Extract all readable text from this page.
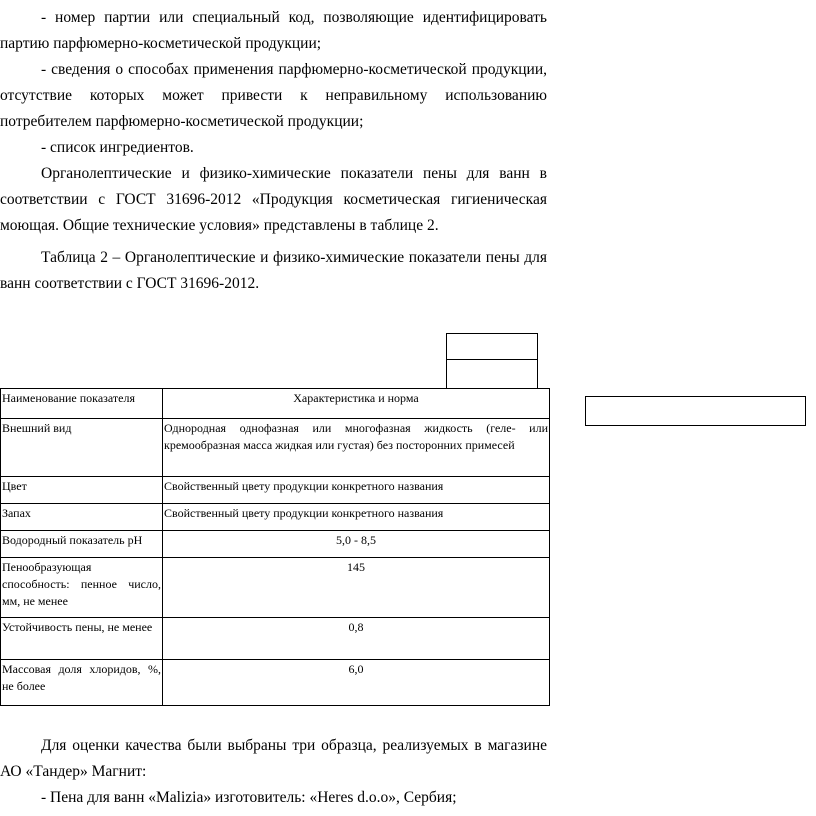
- номер партии или специальный код, позволяющие идентифицировать партию парфюмерно-косметической продукции;

- сведения о способах применения парфюмерно-косметической продукции, отсутствие которых может привести к неправильному использованию потребителем парфюмерно-косметической продукции;

- список ингредиентов.

Органолептические и физико-химические показатели пены для ванн в соответствии с ГОСТ 31696-2012 «Продукция косметическая гигиеническая моющая. Общие технические условия» представлены в таблице 2.

Таблица 2 – Органолептические и физико-химические показатели пены для ванн соответствии с ГОСТ 31696-2012.

Наименование показателя	Характеристика и норма
Внешний вид	Однородная однофазная или многофазная жидкость (геле- или кремообразная масса жидкая или густая) без посторонних примесей
Цвет	Свойственный цвету продукции конкретного названия
Запах	Свойственный цвету продукции конкретного названия
Водородный показатель pH	5,0 - 8,5
Пенообразующая способность: пенное число, мм, не менее	145
Устойчивость пены, не менее	0,8
Массовая доля хлоридов, %, не более	6,0

Для оценки качества были выбраны три образца, реализуемых в магазине АО «Тандер» Магнит:

- Пена для ванн «Malizia» изготовитель: «Heres d.o.o», Сербия;
